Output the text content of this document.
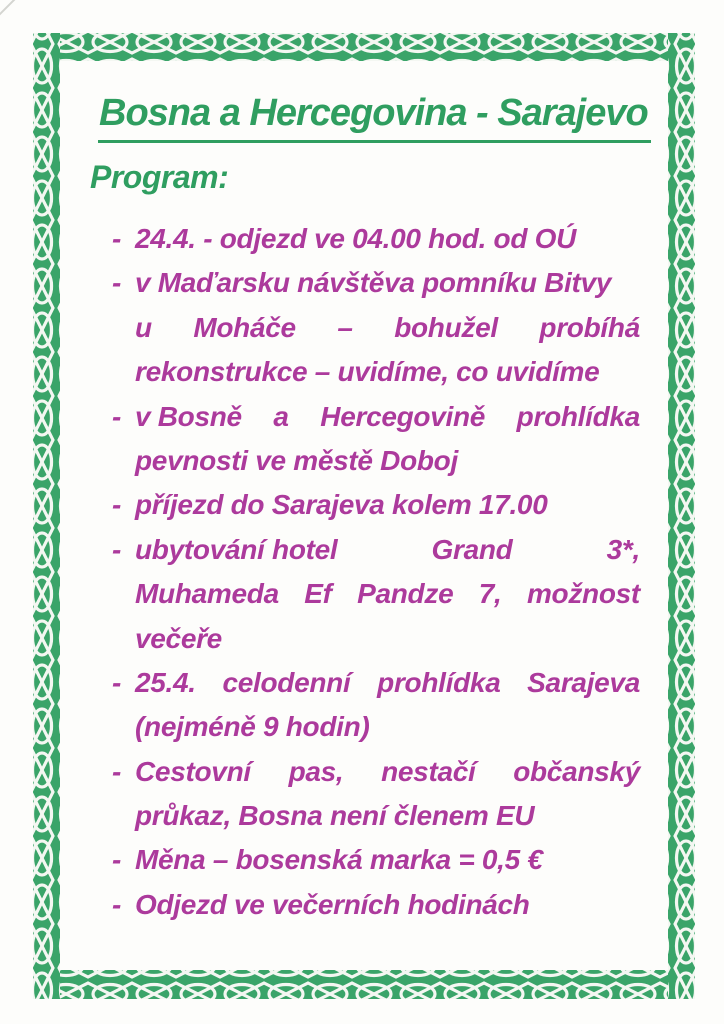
Bosna a Hercegovina - Sarajevo
Program:
- 24.4. - odjezd ve 04.00 hod. od OÚ
- v Maďarsku návštěva pomníku Bitvy
u Moháče – bohužel probíhá
rekonstrukce – uvidíme, co uvidíme
- v Bosně a Hercegovině prohlídka
pevnosti ve městě Doboj
- příjezd do Sarajeva kolem 17.00
- ubytování hotel	Grand	3*,
Muhameda Ef Pandze 7, možnost
večeře
- 25.4. celodenní prohlídka Sarajeva
(nejméně 9 hodin)
- Cestovní pas, nestačí občanský
průkaz, Bosna není členem EU
- Měna – bosenská marka = 0,5 €
- Odjezd ve večerních hodinách
